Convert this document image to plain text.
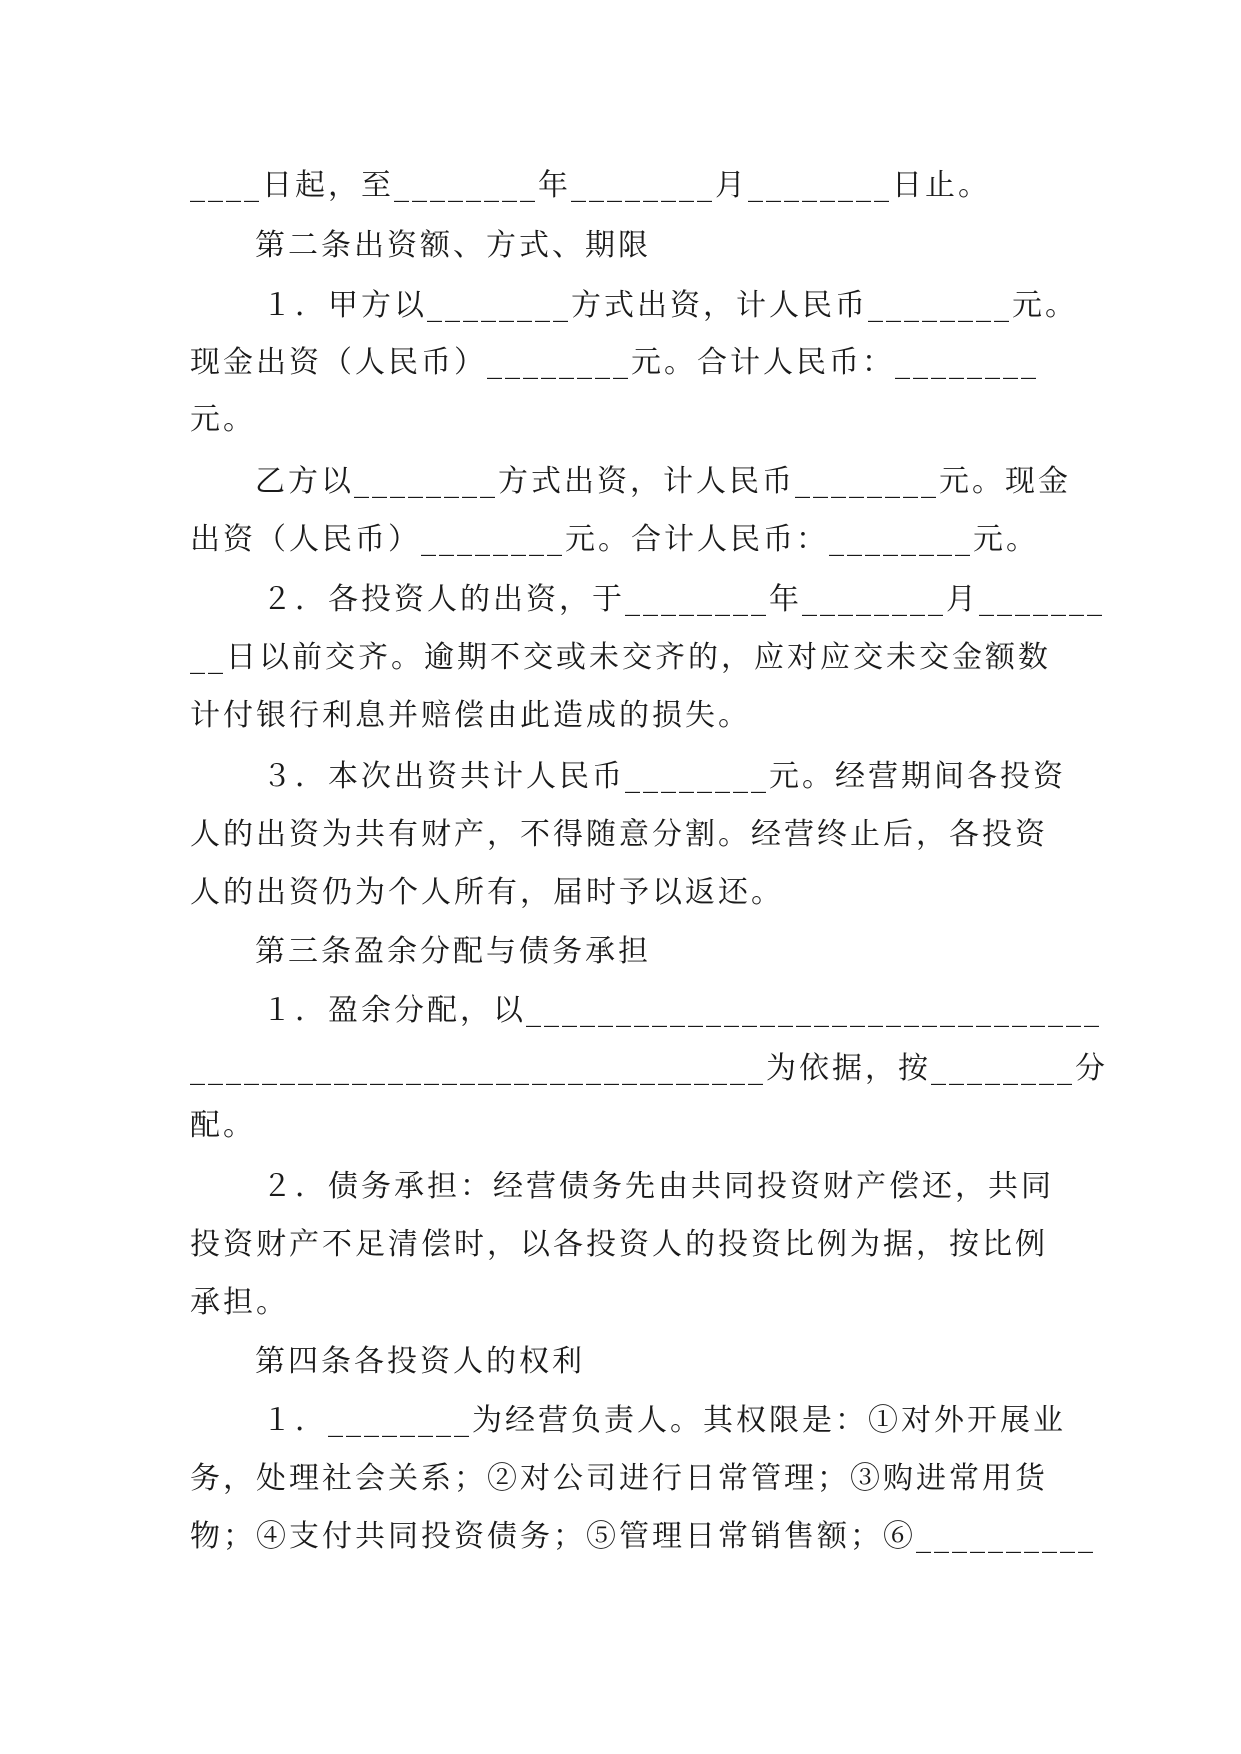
____日起，至________年________月________日止。
第二条出资额、方式、期限
１．甲方以________方式出资，计人民币________元。
现金出资（人民币）________元。合计人民币：________
元。
乙方以________方式出资，计人民币________元。现金
出资（人民币）________元。合计人民币：________元。
２．各投资人的出资，于________年________月_______
__日以前交齐。逾期不交或未交齐的，应对应交未交金额数
计付银行利息并赔偿由此造成的损失。
３．本次出资共计人民币________元。经营期间各投资
人的出资为共有财产，不得随意分割。经营终止后，各投资
人的出资仍为个人所有，届时予以返还。
第三条盈余分配与债务承担
１．盈余分配，以________________________________
________________________________为依据，按________分
配。
２．债务承担：经营债务先由共同投资财产偿还，共同
投资财产不足清偿时，以各投资人的投资比例为据，按比例
承担。
第四条各投资人的权利
１．________为经营负责人。其权限是：①对外开展业
务，处理社会关系；②对公司进行日常管理；③购进常用货
物；④支付共同投资债务；⑤管理日常销售额；⑥__________
